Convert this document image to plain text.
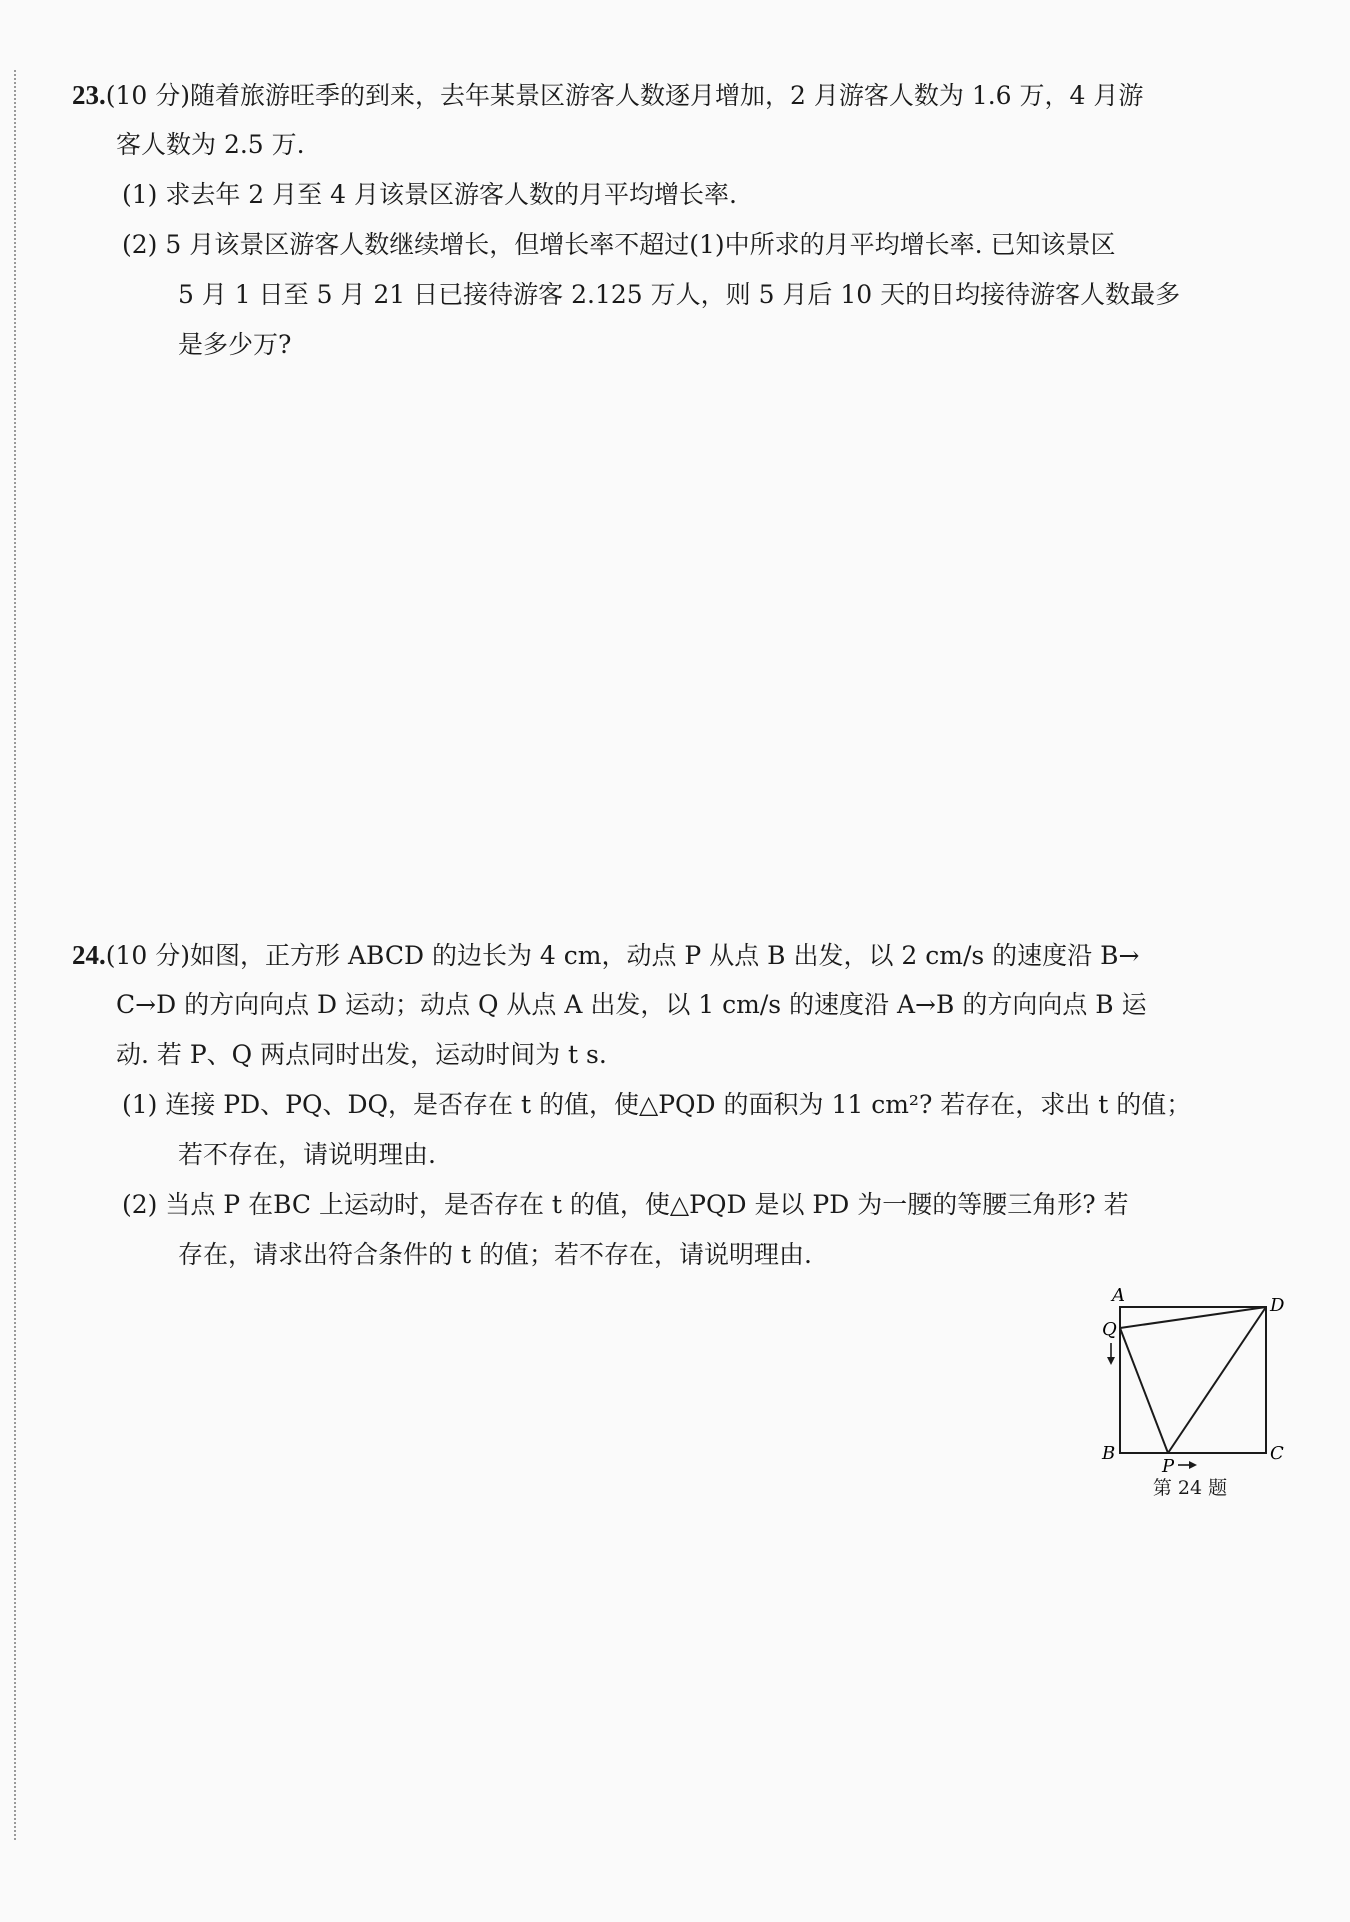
23.(10 分)随着旅游旺季的到来，去年某景区游客人数逐月增加，2 月游客人数为 1.6 万，4 月游
客人数为 2.5 万.
(1) 求去年 2 月至 4 月该景区游客人数的月平均增长率.
(2) 5 月该景区游客人数继续增长，但增长率不超过(1)中所求的月平均增长率. 已知该景区
5 月 1 日至 5 月 21 日已接待游客 2.125 万人，则 5 月后 10 天的日均接待游客人数最多
是多少万?
24.(10 分)如图，正方形 ABCD 的边长为 4 cm，动点 P 从点 B 出发，以 2 cm/s 的速度沿 B→
C→D 的方向向点 D 运动；动点 Q 从点 A 出发，以 1 cm/s 的速度沿 A→B 的方向向点 B 运
动. 若 P、Q 两点同时出发，运动时间为 t s.
(1) 连接 PD、PQ、DQ，是否存在 t 的值，使△PQD 的面积为 11 cm²? 若存在，求出 t 的值；
若不存在，请说明理由.
(2) 当点 P 在BC 上运动时，是否存在 t 的值，使△PQD 是以 PD 为一腰的等腰三角形? 若
存在，请求出符合条件的 t 的值；若不存在，请说明理由.
A	D
Q
B	C
P
第 24 题
